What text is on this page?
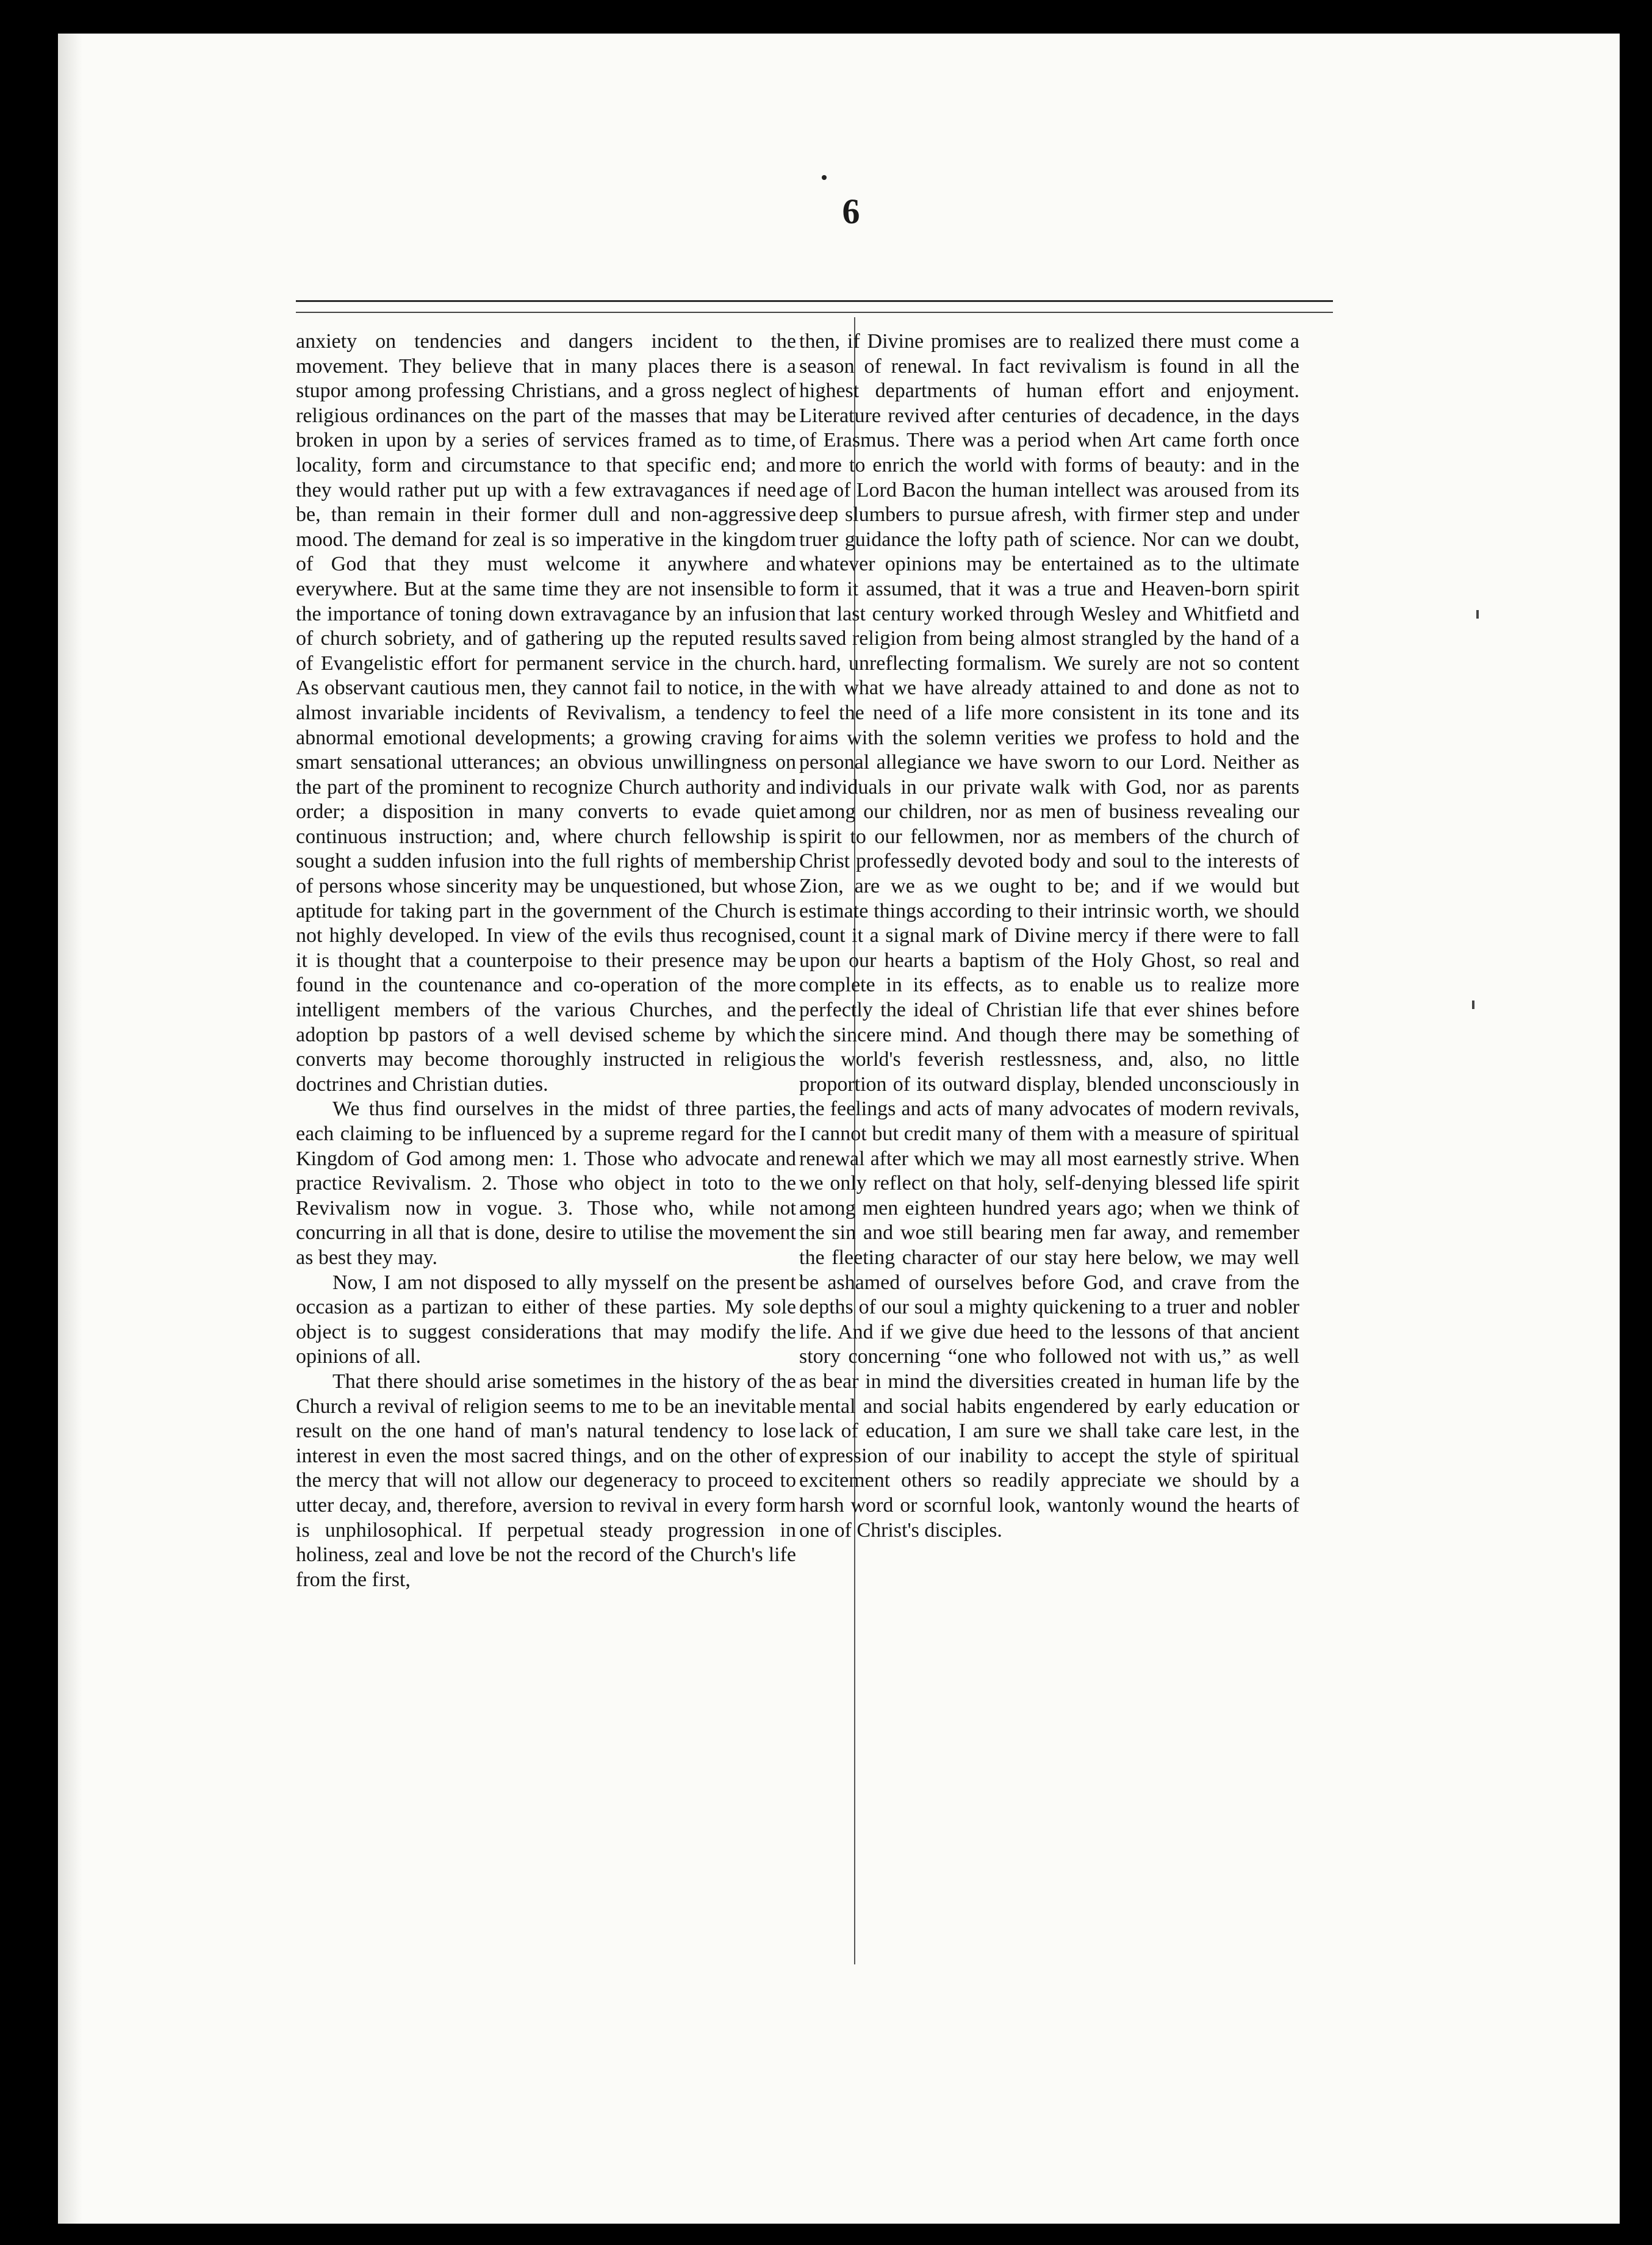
6

anxiety on tendencies and dangers incident to the movement. They believe that in many places there is a stupor among professing Christians, and a gross neglect of religious ordinances on the part of the masses that may be broken in upon by a series of services framed as to time, locality, form and circumstance to that specific end; and they would rather put up with a few extravagances if need be, than remain in their former dull and non-aggressive mood. The demand for zeal is so imperative in the kingdom of God that they must welcome it anywhere and everywhere. But at the same time they are not insensible to the importance of toning down extravagance by an infusion of church sobriety, and of gathering up the reputed results of Evangelistic effort for permanent service in the church. As observant cautious men, they cannot fail to notice, in the almost invariable incidents of Revivalism, a tendency to abnormal emotional developments; a growing craving for smart sensational utterances; an obvious unwillingness on the part of the prominent to recognize Church authority and order; a disposition in many converts to evade quiet continuous instruction; and, where church fellowship is sought a sudden infusion into the full rights of membership of persons whose sincerity may be unquestioned, but whose aptitude for taking part in the government of the Church is not highly developed. In view of the evils thus recognised, it is thought that a counterpoise to their presence may be found in the countenance and co-operation of the more intelligent members of the various Churches, and the adoption bp pastors of a well devised scheme by which converts may become thoroughly instructed in religious doctrines and Christian duties.

We thus find ourselves in the midst of three parties, each claiming to be influenced by a supreme regard for the Kingdom of God among men: 1. Those who advocate and practice Revivalism. 2. Those who object in toto to the Revivalism now in vogue. 3. Those who, while not concurring in all that is done, desire to utilise the movement as best they may.

Now, I am not disposed to ally mysself on the present occasion as a partizan to either of these parties. My sole object is to suggest considerations that may modify the opinions of all.

That there should arise sometimes in the history of the Church a revival of religion seems to me to be an inevitable result on the one hand of man's natural tendency to lose interest in even the most sacred things, and on the other of the mercy that will not allow our degeneracy to proceed to utter decay, and, therefore, aversion to revival in every form is unphilosophical. If perpetual steady progression in holiness, zeal and love be not the record of the Church's life from the first,

then, if Divine promises are to realized there must come a season of renewal. In fact revivalism is found in all the highest departments of human effort and enjoyment. Literature revived after centuries of decadence, in the days of Erasmus. There was a period when Art came forth once more to enrich the world with forms of beauty: and in the age of Lord Bacon the human intellect was aroused from its deep slumbers to pursue afresh, with firmer step and under truer guidance the lofty path of science. Nor can we doubt, whatever opinions may be entertained as to the ultimate form it assumed, that it was a true and Heaven-born spirit that last century worked through Wesley and Whitfietd and saved religion from being almost strangled by the hand of a hard, unreflecting formalism. We surely are not so content with what we have already attained to and done as not to feel the need of a life more consistent in its tone and its aims with the solemn verities we profess to hold and the personal allegiance we have sworn to our Lord. Neither as individuals in our private walk with God, nor as parents among our children, nor as men of business revealing our spirit to our fellowmen, nor as members of the church of Christ professedly devoted body and soul to the interests of Zion, are we as we ought to be; and if we would but estimate things according to their intrinsic worth, we should count it a signal mark of Divine mercy if there were to fall upon our hearts a baptism of the Holy Ghost, so real and complete in its effects, as to enable us to realize more perfectly the ideal of Christian life that ever shines before the sincere mind. And though there may be something of the world's feverish restlessness, and, also, no little proportion of its outward display, blended unconsciously in the feelings and acts of many advocates of modern revivals, I cannot but credit many of them with a measure of spiritual renewal after which we may all most earnestly strive. When we only reflect on that holy, self-denying blessed life spirit among men eighteen hundred years ago; when we think of the sin and woe still bearing men far away, and remember the fleeting character of our stay here below, we may well be ashamed of ourselves before God, and crave from the depths of our soul a mighty quickening to a truer and nobler life. And if we give due heed to the lessons of that ancient story concerning “one who followed not with us,” as well as bear in mind the diversities created in human life by the mental and social habits engendered by early education or lack of education, I am sure we shall take care lest, in the expression of our inability to accept the style of spiritual excitement others so readily appreciate we should by a harsh word or scornful look, wantonly wound the hearts of one of Christ's disciples.
